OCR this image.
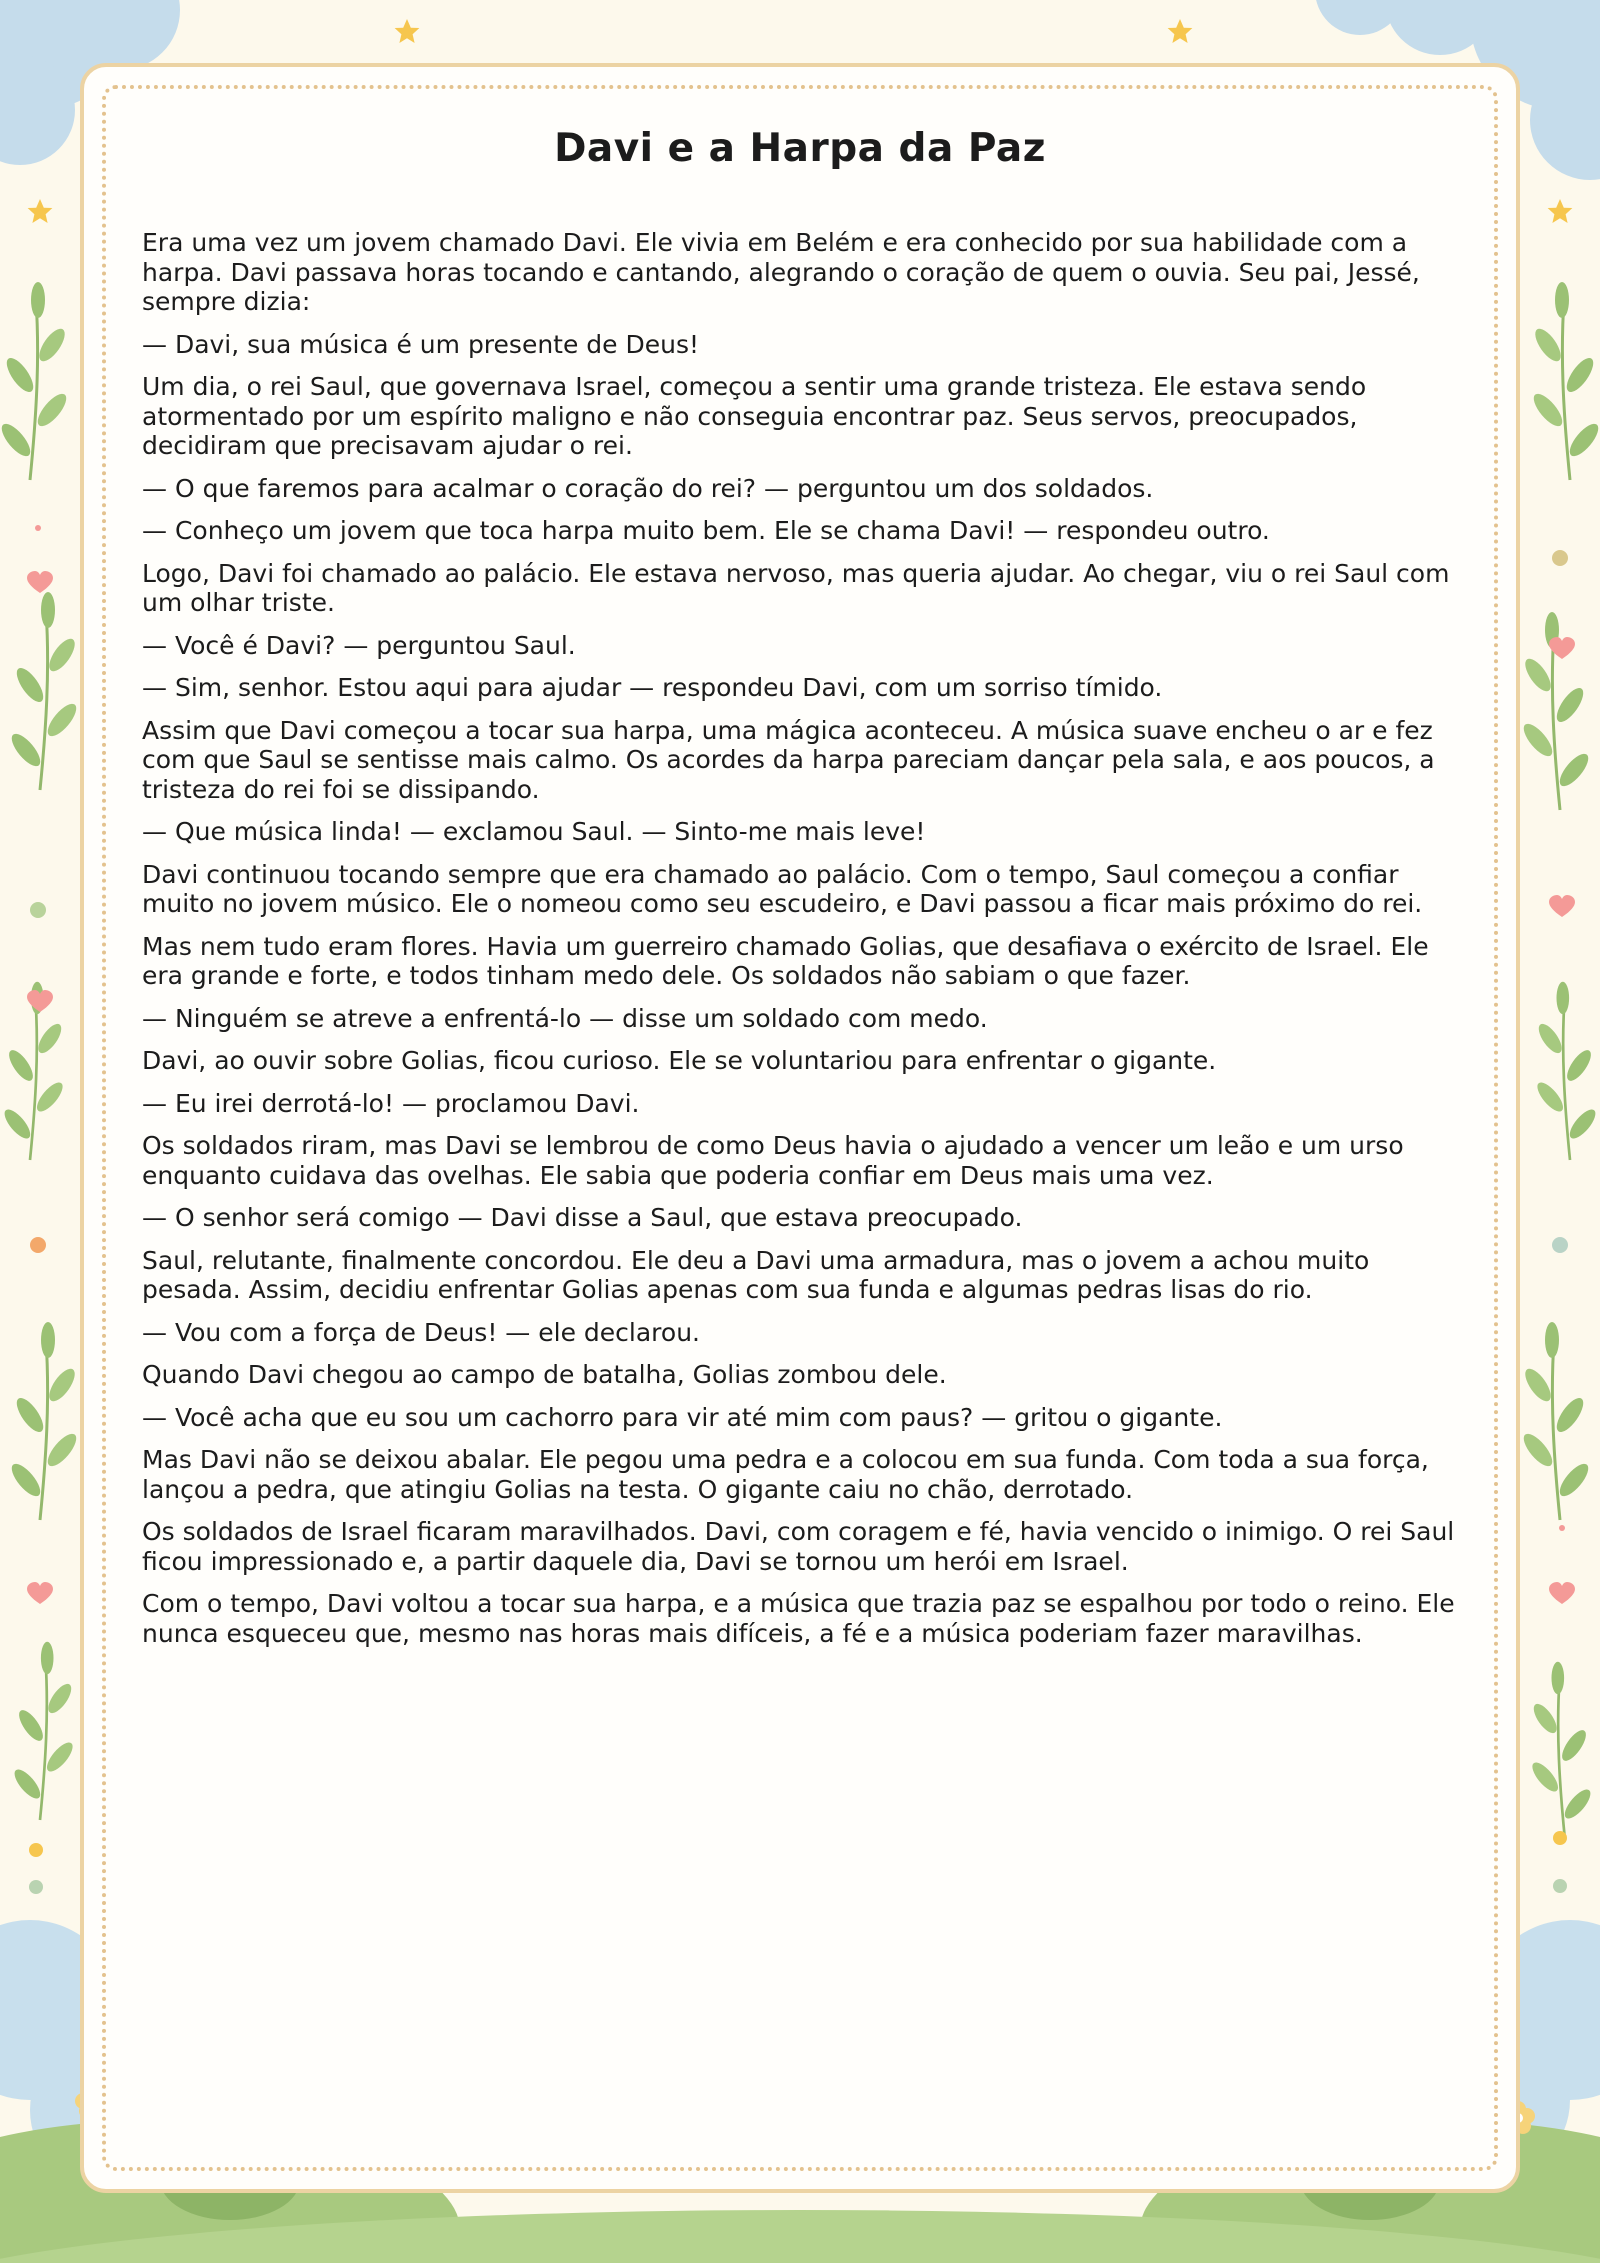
Davi e a Harpa da Paz

Era uma vez um jovem chamado Davi. Ele vivia em Belém e era conhecido por sua habilidade com a harpa. Davi passava horas tocando e cantando, alegrando o coração de quem o ouvia. Seu pai, Jessé, sempre dizia:

— Davi, sua música é um presente de Deus!

Um dia, o rei Saul, que governava Israel, começou a sentir uma grande tristeza. Ele estava sendo atormentado por um espírito maligno e não conseguia encontrar paz. Seus servos, preocupados, decidiram que precisavam ajudar o rei.

— O que faremos para acalmar o coração do rei? — perguntou um dos soldados.

— Conheço um jovem que toca harpa muito bem. Ele se chama Davi! — respondeu outro.

Logo, Davi foi chamado ao palácio. Ele estava nervoso, mas queria ajudar. Ao chegar, viu o rei Saul com um olhar triste.

— Você é Davi? — perguntou Saul.

— Sim, senhor. Estou aqui para ajudar — respondeu Davi, com um sorriso tímido.

Assim que Davi começou a tocar sua harpa, uma mágica aconteceu. A música suave encheu o ar e fez com que Saul se sentisse mais calmo. Os acordes da harpa pareciam dançar pela sala, e aos poucos, a tristeza do rei foi se dissipando.

— Que música linda! — exclamou Saul. — Sinto-me mais leve!

Davi continuou tocando sempre que era chamado ao palácio. Com o tempo, Saul começou a confiar muito no jovem músico. Ele o nomeou como seu escudeiro, e Davi passou a ficar mais próximo do rei.

Mas nem tudo eram flores. Havia um guerreiro chamado Golias, que desafiava o exército de Israel. Ele era grande e forte, e todos tinham medo dele. Os soldados não sabiam o que fazer.

— Ninguém se atreve a enfrentá-lo — disse um soldado com medo.

Davi, ao ouvir sobre Golias, ficou curioso. Ele se voluntariou para enfrentar o gigante.

— Eu irei derrotá-lo! — proclamou Davi.

Os soldados riram, mas Davi se lembrou de como Deus havia o ajudado a vencer um leão e um urso enquanto cuidava das ovelhas. Ele sabia que poderia confiar em Deus mais uma vez.

— O senhor será comigo — Davi disse a Saul, que estava preocupado.

Saul, relutante, finalmente concordou. Ele deu a Davi uma armadura, mas o jovem a achou muito pesada. Assim, decidiu enfrentar Golias apenas com sua funda e algumas pedras lisas do rio.

— Vou com a força de Deus! — ele declarou.

Quando Davi chegou ao campo de batalha, Golias zombou dele.

— Você acha que eu sou um cachorro para vir até mim com paus? — gritou o gigante.

Mas Davi não se deixou abalar. Ele pegou uma pedra e a colocou em sua funda. Com toda a sua força, lançou a pedra, que atingiu Golias na testa. O gigante caiu no chão, derrotado.

Os soldados de Israel ficaram maravilhados. Davi, com coragem e fé, havia vencido o inimigo. O rei Saul ficou impressionado e, a partir daquele dia, Davi se tornou um herói em Israel.

Com o tempo, Davi voltou a tocar sua harpa, e a música que trazia paz se espalhou por todo o reino. Ele nunca esqueceu que, mesmo nas horas mais difíceis, a fé e a música poderiam fazer maravilhas.
